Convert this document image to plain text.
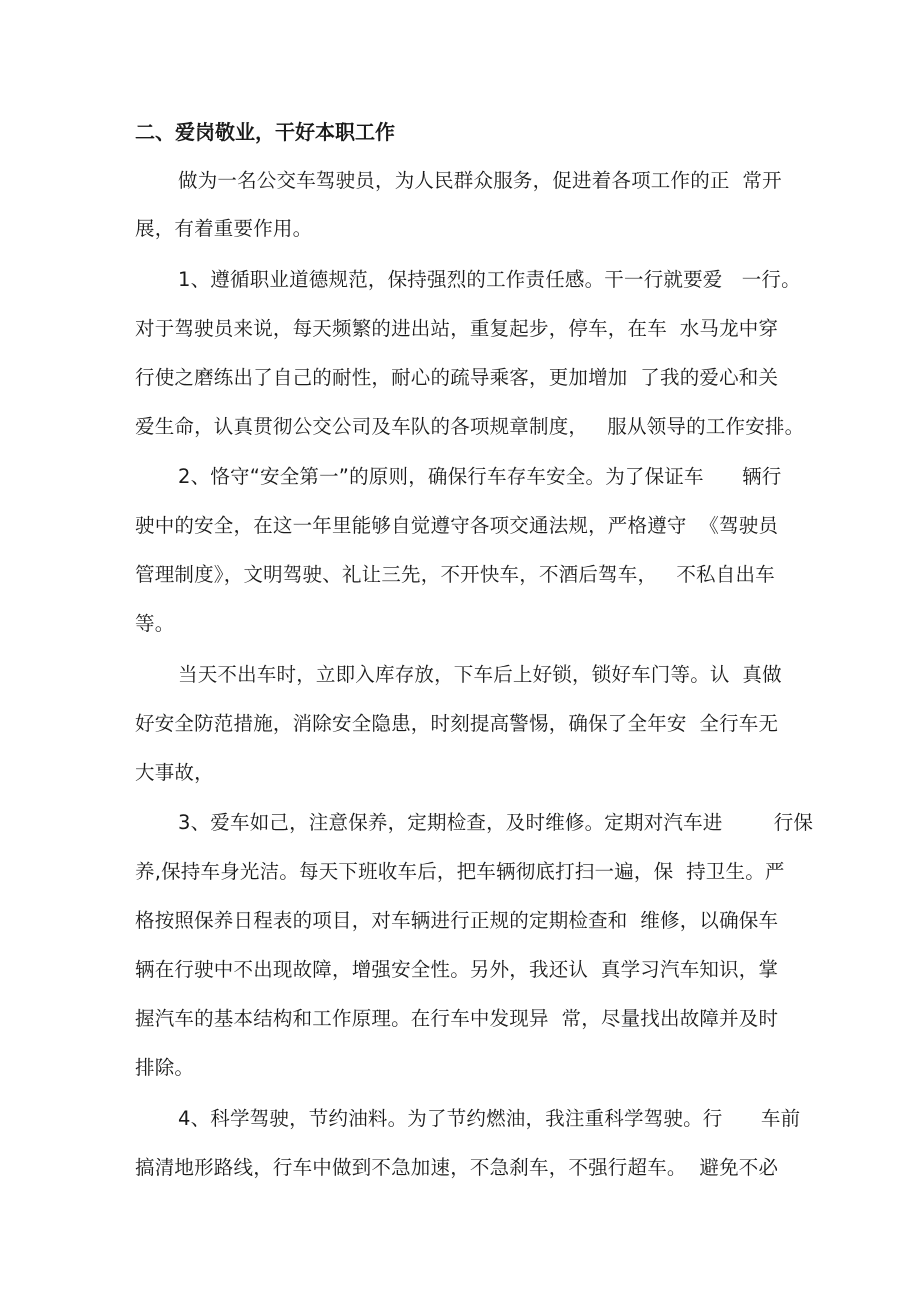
二、爱岗敬业，干好本职工作
做为一名公交车驾驶员，为人民群众服务，促进着各项工作的正  常开
展，有着重要作用。
1、遵循职业道德规范，保持强烈的工作责任感。干一行就要爱   一行。
对于驾驶员来说，每天频繁的进出站，重复起步，停车，在车  水马龙中穿
行使之磨练出了自己的耐性，耐心的疏导乘客，更加增加  了我的爱心和关
爱生命，认真贯彻公交公司及车队的各项规章制度，   服从领导的工作安排。
2、恪守“安全第一”的原则，确保行车存车安全。为了保证车      辆行
驶中的安全，在这一年里能够自觉遵守各项交通法规，严格遵守  《驾驶员
管理制度》，文明驾驶、礼让三先，不开快车，不酒后驾车，   不私自出车
等。
当天不出车时，立即入库存放，下车后上好锁，锁好车门等。认  真做
好安全防范措施，消除安全隐患，时刻提高警惕，确保了全年安  全行车无
大事故，
3、爱车如己，注意保养，定期检查，及时维修。定期对汽车进        行保
养,保持车身光洁。每天下班收车后，把车辆彻底打扫一遍，保  持卫生。严
格按照保养日程表的项目，对车辆进行正规的定期检查和  维修，以确保车
辆在行驶中不出现故障，增强安全性。另外，我还认  真学习汽车知识，掌
握汽车的基本结构和工作原理。在行车中发现异  常，尽量找出故障并及时
排除。
4、科学驾驶，节约油料。为了节约燃油，我注重科学驾驶。行      车前
搞清地形路线，行车中做到不急加速，不急刹车，不强行超车。  避免不必
